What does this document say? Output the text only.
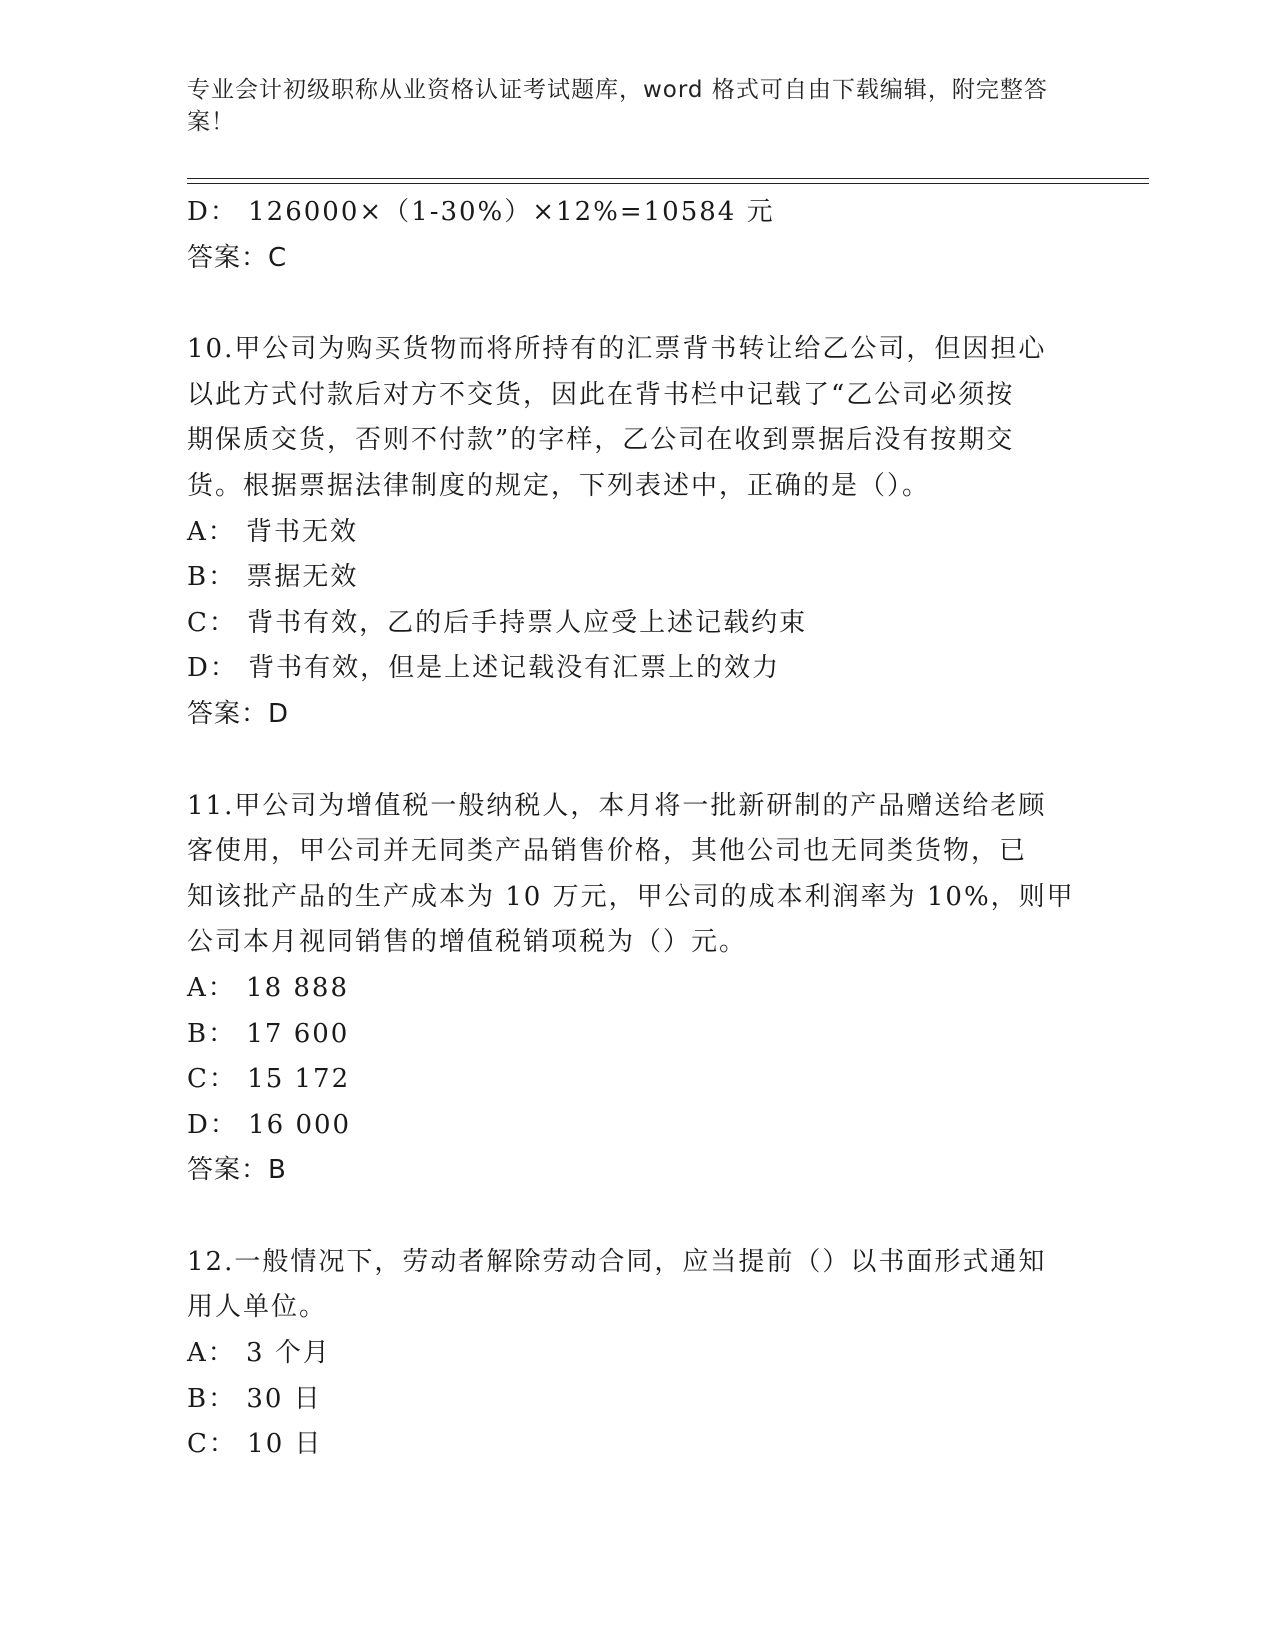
专业会计初级职称从业资格认证考试题库，word 格式可自由下载编辑，附完整答
案！

D： 126000×（1-30%）×12%=10584 元

答案：C

10.甲公司为购买货物而将所持有的汇票背书转让给乙公司，但因担心

以此方式付款后对方不交货，因此在背书栏中记载了“乙公司必须按

期保质交货，否则不付款”的字样，乙公司在收到票据后没有按期交

货。根据票据法律制度的规定，下列表述中，正确的是（）。

A： 背书无效

B： 票据无效

C： 背书有效，乙的后手持票人应受上述记载约束

D： 背书有效，但是上述记载没有汇票上的效力

答案：D

11.甲公司为增值税一般纳税人，本月将一批新研制的产品赠送给老顾

客使用，甲公司并无同类产品销售价格，其他公司也无同类货物，已

知该批产品的生产成本为 10 万元，甲公司的成本利润率为 10%，则甲

公司本月视同销售的增值税销项税为（）元。

A： 18 888

B： 17 600

C： 15 172

D： 16 000

答案：B

12.一般情况下，劳动者解除劳动合同，应当提前（）以书面形式通知

用人单位。

A： 3 个月

B： 30 日

C： 10 日
